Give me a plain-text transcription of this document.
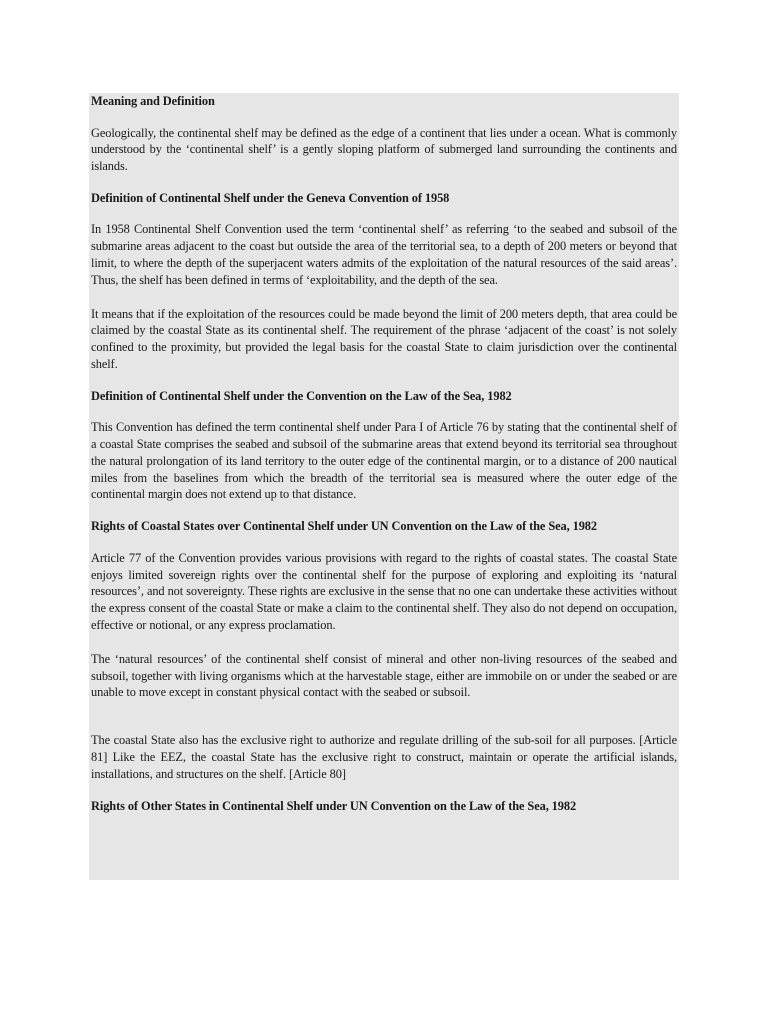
Meaning and Definition

Geologically, the continental shelf may be defined as the edge of a continent that lies under a ocean. What is commonly understood by the ‘continental shelf’ is a gently sloping platform of submerged land surrounding the continents and islands.

Definition of Continental Shelf under the Geneva Convention of 1958

In 1958 Continental Shelf Convention used the term ‘continental shelf’ as referring ‘to the seabed and subsoil of the submarine areas adjacent to the coast but outside the area of the territorial sea, to a depth of 200 meters or beyond that limit, to where the depth of the superjacent waters admits of the exploitation of the natural resources of the said areas’. Thus, the shelf has been defined in terms of ‘exploitability, and the depth of the sea.

It means that if the exploitation of the resources could be made beyond the limit of 200 meters depth, that area could be claimed by the coastal State as its continental shelf. The requirement of the phrase ‘adjacent of the coast’ is not solely confined to the proximity, but provided the legal basis for the coastal State to claim jurisdiction over the continental shelf.

Definition of Continental Shelf under the Convention on the Law of the Sea, 1982

This Convention has defined the term continental shelf under Para I of Article 76 by stating that the continental shelf of a coastal State comprises the seabed and subsoil of the submarine areas that extend beyond its territorial sea throughout the natural prolongation of its land territory to the outer edge of the continental margin, or to a distance of 200 nautical miles from the baselines from which the breadth of the territorial sea is measured where the outer edge of the continental margin does not extend up to that distance.

Rights of Coastal States over Continental Shelf under UN Convention on the Law of the Sea, 1982

Article 77 of the Convention provides various provisions with regard to the rights of coastal states. The coastal State enjoys limited sovereign rights over the continental shelf for the purpose of exploring and exploiting its ‘natural resources’, and not sovereignty. These rights are exclusive in the sense that no one can undertake these activities without the express consent of the coastal State or make a claim to the continental shelf. They also do not depend on occupation, effective or notional, or any express proclamation.

The ‘natural resources’ of the continental shelf consist of mineral and other non-living resources of the seabed and subsoil, together with living organisms which at the harvestable stage, either are immobile on or under the seabed or are unable to move except in constant physical contact with the seabed or subsoil.

The coastal State also has the exclusive right to authorize and regulate drilling of the sub-soil for all purposes. [Article 81] Like the EEZ, the coastal State has the exclusive right to construct, maintain or operate the artificial islands, installations, and structures on the shelf. [Article 80]

Rights of Other States in Continental Shelf under UN Convention on the Law of the Sea, 1982
